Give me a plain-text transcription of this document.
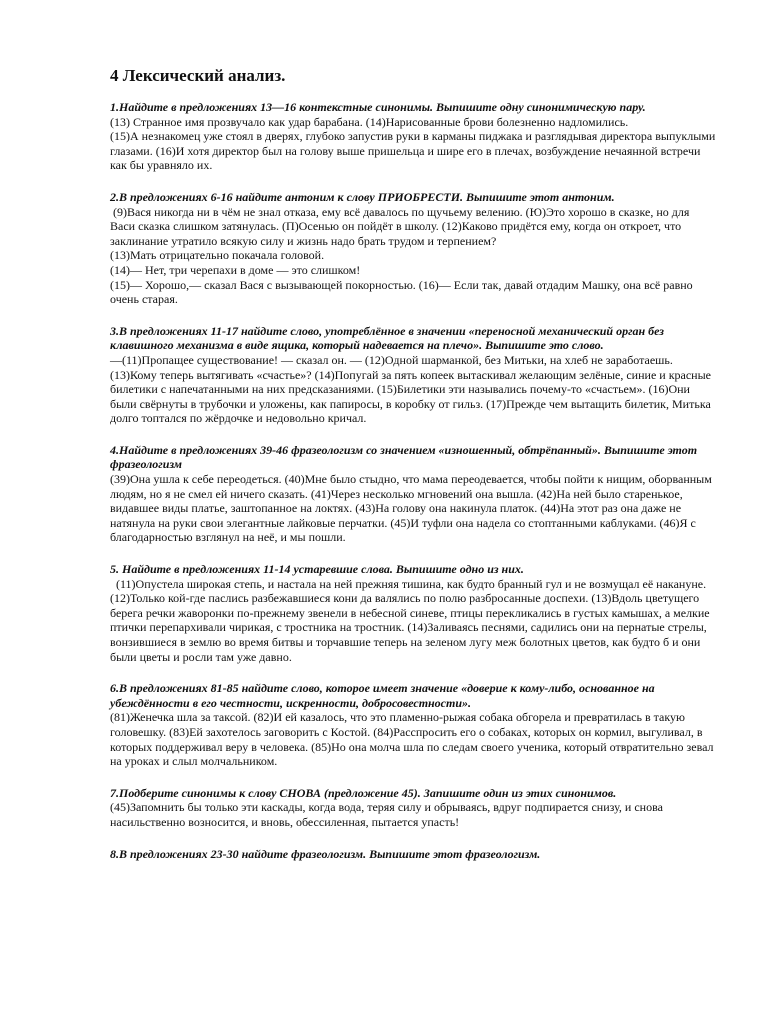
4 Лексический анализ.

1.Найдите в предложениях 13—16 контекстные синонимы. Выпишите одну синонимическую пару.

(13) Странное имя прозвучало как удар барабана. (14)Нарисованные брови болезненно надломились.

(15)А незнакомец уже стоял в дверях, глубоко запустив руки в карманы пиджака и разглядывая директора выпуклыми глазами. (16)И хотя директор был на голову выше пришельца и шире его в плечах, возбуждение нечаянной встречи как бы уравняло их.

2.В предложениях 6-16 найдите антоним к слову ПРИОБРЕСТИ. Выпишите этот антоним.

(9)Вася никогда ни в чём не знал отказа, ему всё давалось по щучьему велению. (Ю)Это хорошо в сказке, но для Васи сказка слишком затянулась. (П)Осенью он пойдёт в школу. (12)Каково придётся ему, когда он откроет, что заклинание утратило всякую силу и жизнь надо брать трудом и терпением?

(13)Мать отрицательно покачала головой.

(14)— Нет, три черепахи в доме — это слишком!

(15)— Хорошо,— сказал Вася с вызывающей покорностью. (16)— Если так, давай отдадим Машку, она всё равно очень старая.

3.В предложениях 11-17 найдите слово, употреблённое в значении «переносной механический орган без клавишного механизма в виде ящика, который надевается на плечо». Выпишите это слово.

—(11)Пропащее существование! — сказал он. — (12)Одной шарманкой, без Митьки, на хлеб не заработаешь. (13)Кому теперь вытягивать «счастье»? (14)Попугай за пять копеек вытаскивал желающим зелёные, синие и красные билетики с напечатанными на них предсказаниями. (15)Билетики эти назывались почему-то «счастьем». (16)Они были свёрнуты в трубочки и уложены, как папиросы, в коробку от гильз. (17)Прежде чем вытащить билетик, Митька долго топтался по жёрдочке и недовольно кричал.

4.Найдите в предложениях 39-46 фразеологизм со значением «изношенный, обтрёпанный». Выпишите этот фразеологизм

(39)Она ушла к себе переодеться. (40)Мне было стыдно, что мама переодевается, чтобы пойти к нищим, оборванным людям, но я не смел ей ничего сказать. (41)Через несколько мгновений она вышла. (42)На ней было старенькое, видавшее виды платье, заштопанное на локтях. (43)На голову она накинула платок. (44)На этот раз она даже не натянула на руки свои элегантные лайковые перчатки. (45)И туфли она надела со стоптанными каблуками. (46)Я с благодарностью взглянул на неё, и мы пошли.

5. Найдите в предложениях 11-14 устаревшие слова. Выпишите одно из них.

(11)Опустела широкая степь, и настала на ней прежняя тишина, как будто бранный гул и не возмущал её накануне. (12)Только кой-где паслись разбежавшиеся кони да валялись по полю разбросанные доспехи. (13)Вдоль цветущего берега речки жаворонки по-прежнему звенели в небесной синеве, птицы перекликались в густых камышах, а мелкие птички перепархивали чирикая, с тростника на тростник. (14)Заливаясь песнями, садились они на пернатые стрелы, вонзившиеся в землю во время битвы и торчавшие теперь на зеленом лугу меж болотных цветов, как будто б и они были цветы и росли там уже давно.

6.В предложениях 81-85 найдите слово, которое имеет значение «доверие к кому-либо, основанное на убеждённости в его честности, искренности, добросовестности».

(81)Женечка шла за таксой. (82)И ей казалось, что это пламенно-рыжая собака обгорела и превратилась в такую головешку. (83)Ей захотелось заговорить с Костой. (84)Расспросить его о собаках, которых он кормил, выгуливал, в которых поддерживал веру в человека. (85)Но она молча шла по следам своего ученика, который отвратительно зевал на уроках и слыл молчальником.

7.Подберите синонимы к слову СНОВА (предложение 45). Запишите один из этих синонимов.

(45)Запомнить бы только эти каскады, когда вода, теряя силу и обрываясь, вдруг подпирается снизу, и снова насильственно возносится, и вновь, обессиленная, пытается упасть!

8.В предложениях 23-30 найдите фразеологизм. Выпишите этот фразеологизм.
